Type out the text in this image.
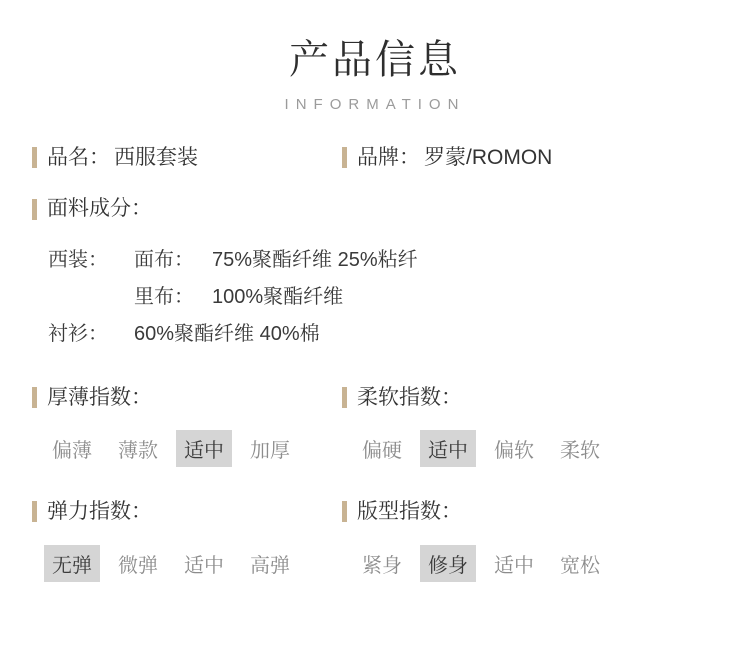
产品信息
INFORMATION
品名： 西服套装	品牌： 罗蒙/ROMON
面料成分：
西装：	面布： 75%聚酯纤维 25%粘纤
里布： 100%聚酯纤维
衬衫：	60%聚酯纤维 40%棉
厚薄指数：
偏薄	薄款	适中	加厚
柔软指数：
偏硬	适中	偏软	柔软
弹力指数：
无弹	微弹	适中	高弹
版型指数：
紧身	修身	适中	宽松
